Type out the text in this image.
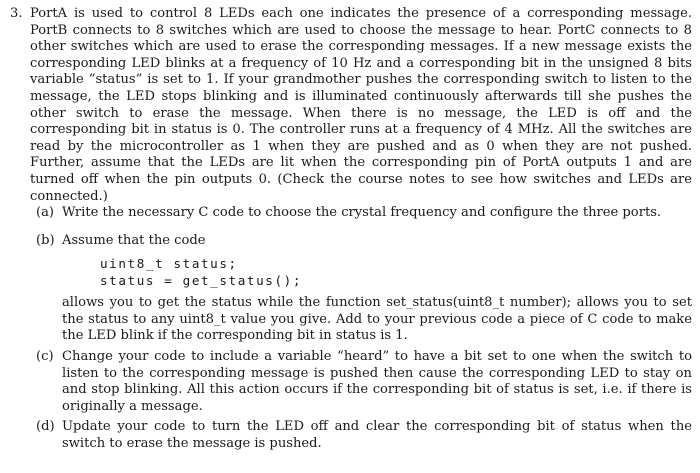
3. PortA is used to control 8 LEDs each one indicates the presence of a corresponding message. PortB connects to 8 switches which are used to choose the message to hear. PortC connects to 8 other switches which are used to erase the corresponding messages. If a new message exists the corresponding LED blinks at a frequency of 10 Hz and a corresponding bit in the unsigned 8 bits variable “status” is set to 1. If your grandmother pushes the corresponding switch to listen to the message, the LED stops blinking and is illuminated continuously afterwards till she pushes the other switch to erase the message. When there is no message, the LED is off and the corresponding bit in status is 0. The controller runs at a frequency of 4 MHz. All the switches are read by the microcontroller as 1 when they are pushed and as 0 when they are not pushed. Further, assume that the LEDs are lit when the corresponding pin of PortA outputs 1 and are turned off when the pin outputs 0. (Check the course notes to see how switches and LEDs are connected.)
(a) Write the necessary C code to choose the crystal frequency and configure the three ports.
(b) Assume that the code
uint8_t status;
status = get_status();
allows you to get the status while the function set_status(uint8_t number); allows you to set the status to any uint8_t value you give. Add to your previous code a piece of C code to make the LED blink if the corresponding bit in status is 1.
(c) Change your code to include a variable “heard” to have a bit set to one when the switch to listen to the corresponding message is pushed then cause the corresponding LED to stay on and stop blinking. All this action occurs if the corresponding bit of status is set, i.e. if there is originally a message.
(d) Update your code to turn the LED off and clear the corresponding bit of status when the switch to erase the message is pushed.
